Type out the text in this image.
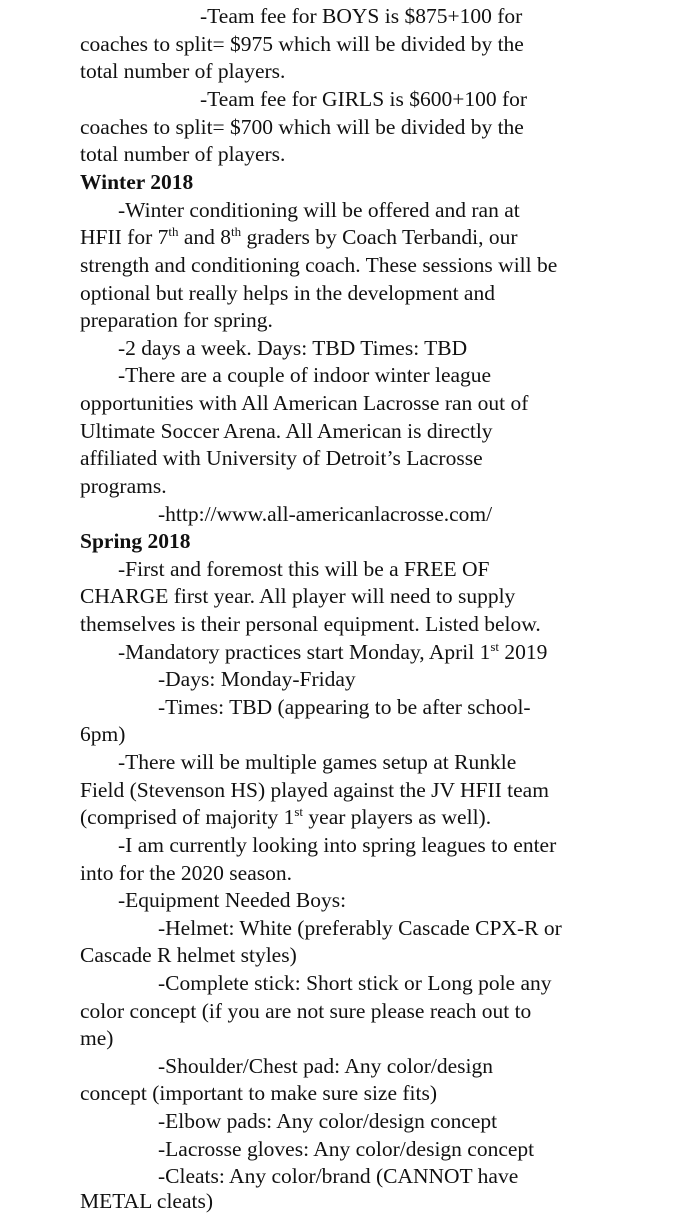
-Team fee for BOYS is $875+100 for
coaches to split= $975 which will be divided by the
total number of players.
-Team fee for GIRLS is $600+100 for
coaches to split= $700 which will be divided by the
total number of players.
Winter 2018
-Winter conditioning will be offered and ran at
HFII for 7th and 8th graders by Coach Terbandi, our
strength and conditioning coach. These sessions will be
optional but really helps in the development and
preparation for spring.
-2 days a week. Days: TBD Times: TBD
-There are a couple of indoor winter league
opportunities with All American Lacrosse ran out of
Ultimate Soccer Arena. All American is directly
affiliated with University of Detroit’s Lacrosse
programs.
-http://www.all-americanlacrosse.com/
Spring 2018
-First and foremost this will be a FREE OF
CHARGE first year. All player will need to supply
themselves is their personal equipment. Listed below.
-Mandatory practices start Monday, April 1st 2019
-Days: Monday-Friday
-Times: TBD (appearing to be after school-
6pm)
-There will be multiple games setup at Runkle
Field (Stevenson HS) played against the JV HFII team
(comprised of majority 1st year players as well).
-I am currently looking into spring leagues to enter
into for the 2020 season.
-Equipment Needed Boys:
-Helmet: White (preferably Cascade CPX-R or
Cascade R helmet styles)
-Complete stick: Short stick or Long pole any
color concept (if you are not sure please reach out to
me)
-Shoulder/Chest pad: Any color/design
concept (important to make sure size fits)
-Elbow pads: Any color/design concept
-Lacrosse gloves: Any color/design concept
-Cleats: Any color/brand (CANNOT have
METAL cleats)
